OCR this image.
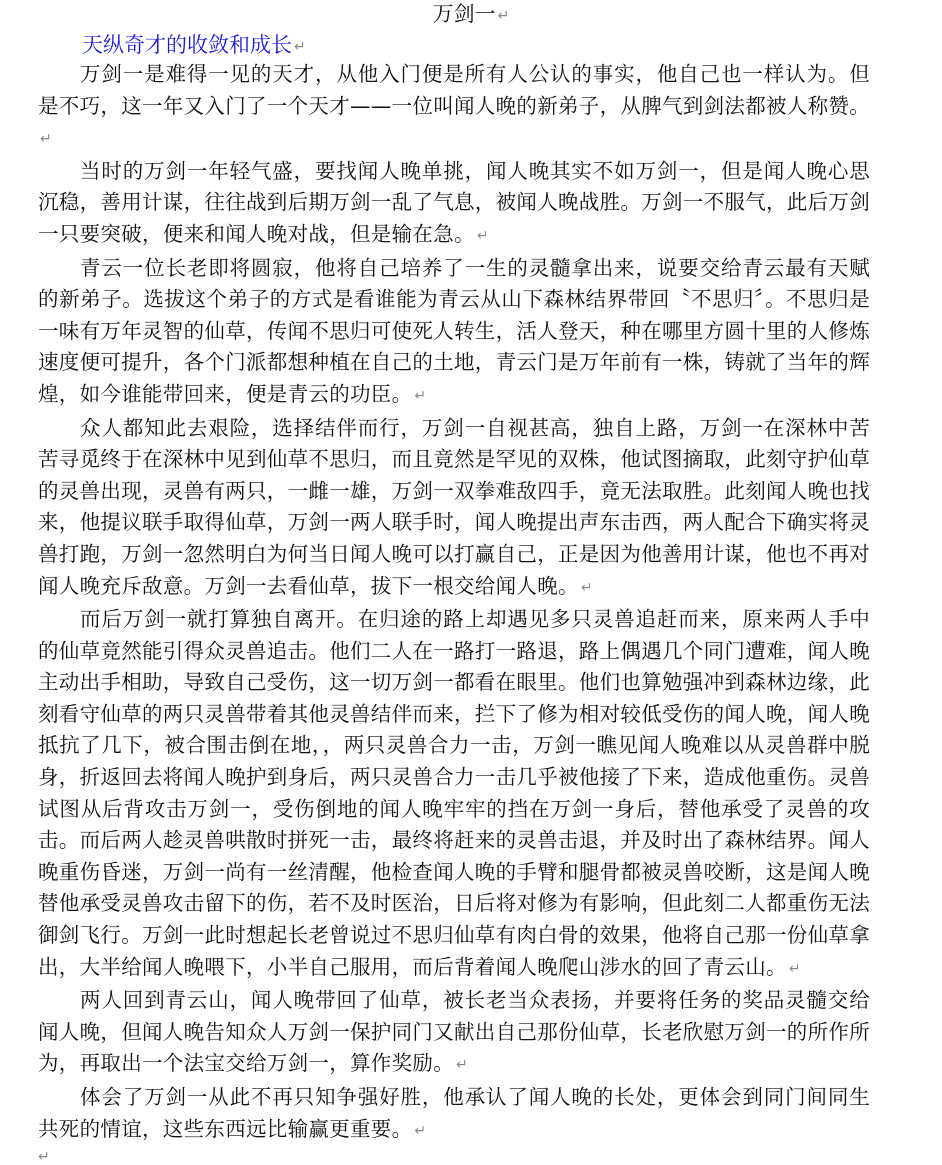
万剑一 ↵
天纵奇才的收敛和成长 ↵

万剑一是难得一见的天才，从他入门便是所有人公认的事实，他自己也一样认为。但是不巧，这一年又入门了一个天才——一位叫闻人晚的新弟子，从脾气到剑法都被人称赞。↵

当时的万剑一年轻气盛，要找闻人晚单挑，闻人晚其实不如万剑一，但是闻人晚心思沉稳，善用计谋，往往战到后期万剑一乱了气息，被闻人晚战胜。万剑一不服气，此后万剑一只要突破，便来和闻人晚对战，但是输在急。 ↵

青云一位长老即将圆寂，他将自己培养了一生的灵髓拿出来，说要交给青云最有天赋的新弟子。选拔这个弟子的方式是看谁能为青云从山下森林结界带回〝不思归〞。不思归是一味有万年灵智的仙草，传闻不思归可使死人转生，活人登天，种在哪里方圆十里的人修炼速度便可提升，各个门派都想种植在自己的土地，青云门是万年前有一株，铸就了当年的辉煌，如今谁能带回来，便是青云的功臣。 ↵

众人都知此去艰险，选择结伴而行，万剑一自视甚高，独自上路，万剑一在深林中苦苦寻觅终于在深林中见到仙草不思归，而且竟然是罕见的双株，他试图摘取，此刻守护仙草的灵兽出现，灵兽有两只，一雌一雄，万剑一双拳难敌四手，竟无法取胜。此刻闻人晚也找来，他提议联手取得仙草，万剑一两人联手时，闻人晚提出声东击西，两人配合下确实将灵兽打跑，万剑一忽然明白为何当日闻人晚可以打赢自己，正是因为他善用计谋，他也不再对闻人晚充斥敌意。万剑一去看仙草，拔下一根交给闻人晚。 ↵

而后万剑一就打算独自离开。在归途的路上却遇见多只灵兽追赶而来，原来两人手中的仙草竟然能引得众灵兽追击。他们二人在一路打一路退，路上偶遇几个同门遭难，闻人晚主动出手相助，导致自己受伤，这一切万剑一都看在眼里。他们也算勉强冲到森林边缘，此刻看守仙草的两只灵兽带着其他灵兽结伴而来，拦下了修为相对较低受伤的闻人晚，闻人晚抵抗了几下，被合围击倒在地，，两只灵兽合力一击，万剑一瞧见闻人晚难以从灵兽群中脱身，折返回去将闻人晚护到身后，两只灵兽合力一击几乎被他接了下来，造成他重伤。灵兽试图从后背攻击万剑一，受伤倒地的闻人晚牢牢的挡在万剑一身后，替他承受了灵兽的攻击。而后两人趁灵兽哄散时拼死一击，最终将赶来的灵兽击退，并及时出了森林结界。闻人晚重伤昏迷，万剑一尚有一丝清醒，他检查闻人晚的手臂和腿骨都被灵兽咬断，这是闻人晚替他承受灵兽攻击留下的伤，若不及时医治，日后将对修为有影响，但此刻二人都重伤无法御剑飞行。万剑一此时想起长老曾说过不思归仙草有肉白骨的效果，他将自己那一份仙草拿出，大半给闻人晚喂下，小半自己服用，而后背着闻人晚爬山涉水的回了青云山。 ↵

两人回到青云山，闻人晚带回了仙草，被长老当众表扬，并要将任务的奖品灵髓交给闻人晚，但闻人晚告知众人万剑一保护同门又献出自己那份仙草，长老欣慰万剑一的所作所为，再取出一个法宝交给万剑一，算作奖励。 ↵

体会了万剑一从此不再只知争强好胜，他承认了闻人晚的长处，更体会到同门间同生共死的情谊，这些东西远比输赢更重要。 ↵

↵
